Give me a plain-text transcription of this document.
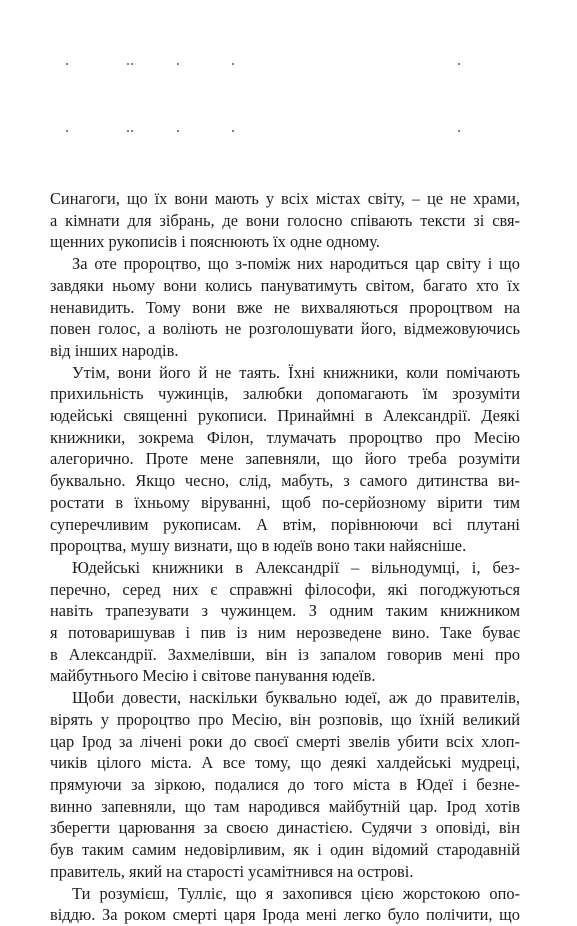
Синагоги, що їх вони мають у всіх містах світу, – це не храми,
а кімнати для зібрань, де вони голосно співають тексти зі свя-
щенних рукописів і пояснюють їх одне одному.

За оте пророцтво, що з-поміж них народиться цар світу і що
завдяки ньому вони колись пануватимуть світом, багато хто їх
ненавидить. Тому вони вже не вихваляються пророцтвом на
повен голос, а воліють не розголошувати його, відмежовуючись
від інших народів.

Утім, вони його й не таять. Їхні книжники, коли помічають
прихильність чужинців, залюбки допомагають їм зрозуміти
юдейські священні рукописи. Принаймні в Александрії. Деякі
книжники, зокрема Філон, тлумачать пророцтво про Месію
алегорично. Проте мене запевняли, що його треба розуміти
буквально. Якщо чесно, слід, мабуть, з самого дитинства ви-
ростати в їхньому віруванні, щоб по-серйозному вірити тим
суперечливим рукописам. А втім, порівнюючи всі плутані
пророцтва, мушу визнати, що в юдеїв воно таки найясніше.

Юдейські книжники в Александрії – вільнодумці, і, без-
перечно, серед них є справжні філософи, які погоджуються
навіть трапезувати з чужинцем. З одним таким книжником
я потоваришував і пив із ним нерозведене вино. Таке буває
в Александрії. Захмелівши, він із запалом говорив мені про
майбутнього Месію і світове панування юдеїв.

Щоби довести, наскільки буквально юдеї, аж до правителів,
вірять у пророцтво про Месію, він розповів, що їхній великий
цар Ірод за лічені роки до своєї смерті звелів убити всіх хлоп-
чиків цілого міста. А все тому, що деякі халдейські мудреці,
прямуючи за зіркою, подалися до того міста в Юдеї і безне-
винно запевняли, що там народився майбутній цар. Ірод хотів
зберегти царювання за своєю династією. Судячи з оповіді, він
був таким самим недовірливим, як і один відомий стародавній
правитель, який на старості усамітнився на острові.

Ти розумієш, Тулліє, що я захопився цією жорстокою опо-
віддю. За роком смерті царя Ірода мені легко було полічити, що
